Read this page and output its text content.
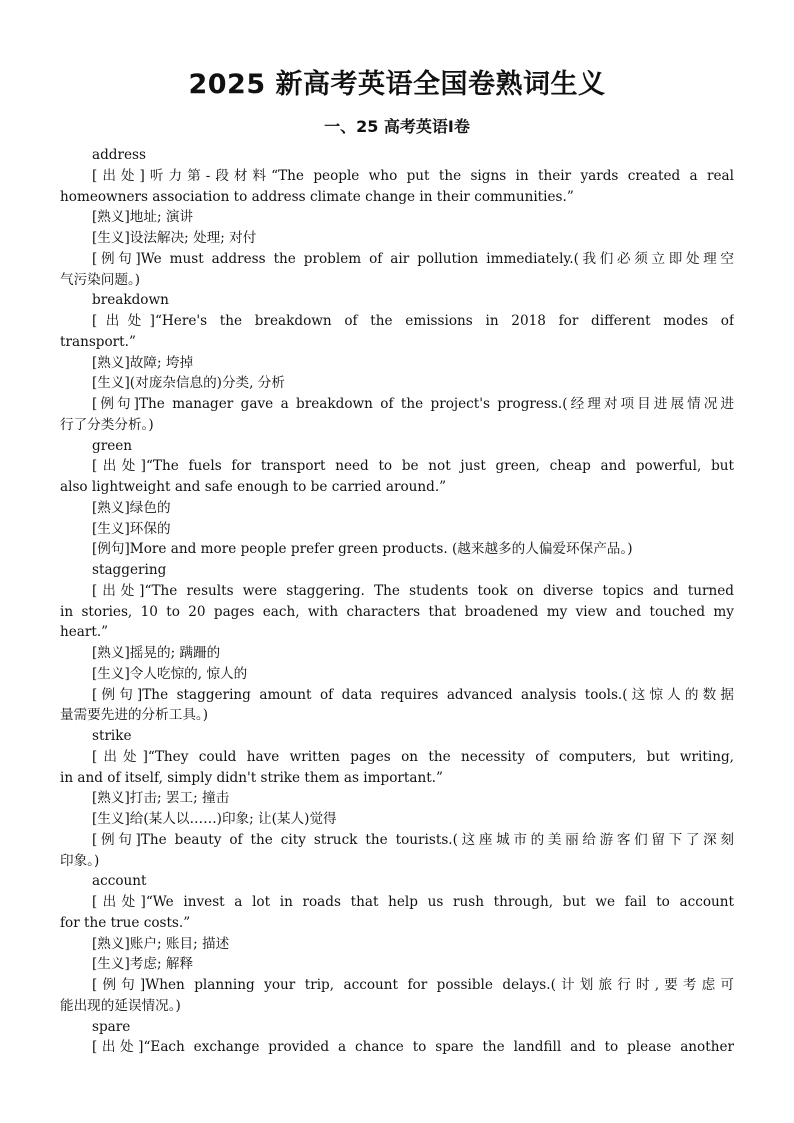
2025 新高考英语全国卷熟词生义
一、25 高考英语Ⅰ卷
address
[出处]听力第-段材料“The people who put the signs in their yards created a real
homeowners association to address climate change in their communities.”
[熟义]地址; 演讲
[生义]设法解决; 处理; 对付
[例句]We must address the problem of air pollution immediately.(我们必须立即处理空
气污染问题。)
breakdown
[出处]“Here's the breakdown of the emissions in 2018 for different modes of
transport.”
[熟义]故障; 垮掉
[生义](对庞杂信息的)分类, 分析
[例句]The manager gave a breakdown of the project's progress.(经理对项目进展情况进
行了分类分析。)
green
[出处]“The fuels for transport need to be not just green, cheap and powerful, but
also lightweight and safe enough to be carried around.”
[熟义]绿色的
[生义]环保的
[例句]More and more people prefer green products. (越来越多的人偏爱环保产品。)
staggering
[出处]“The results were staggering. The students took on diverse topics and turned
in stories, 10 to 20 pages each, with characters that broadened my view and touched my
heart.”
[熟义]摇晃的; 蹒跚的
[生义]令人吃惊的, 惊人的
[例句]The staggering amount of data requires advanced analysis tools.(这惊人的数据
量需要先进的分析工具。)
strike
[出处]“They could have written pages on the necessity of computers, but writing,
in and of itself, simply didn't strike them as important.”
[熟义]打击; 罢工; 撞击
[生义]给(某人以……)印象; 让(某人)觉得
[例句]The beauty of the city struck the tourists.(这座城市的美丽给游客们留下了深刻
印象。)
account
[出处]“We invest a lot in roads that help us rush through, but we fail to account
for the true costs.”
[熟义]账户; 账目; 描述
[生义]考虑; 解释
[例句]When planning your trip, account for possible delays.(计划旅行时,要考虑可
能出现的延误情况。)
spare
[出处]“Each exchange provided a chance to spare the landfill and to please another
